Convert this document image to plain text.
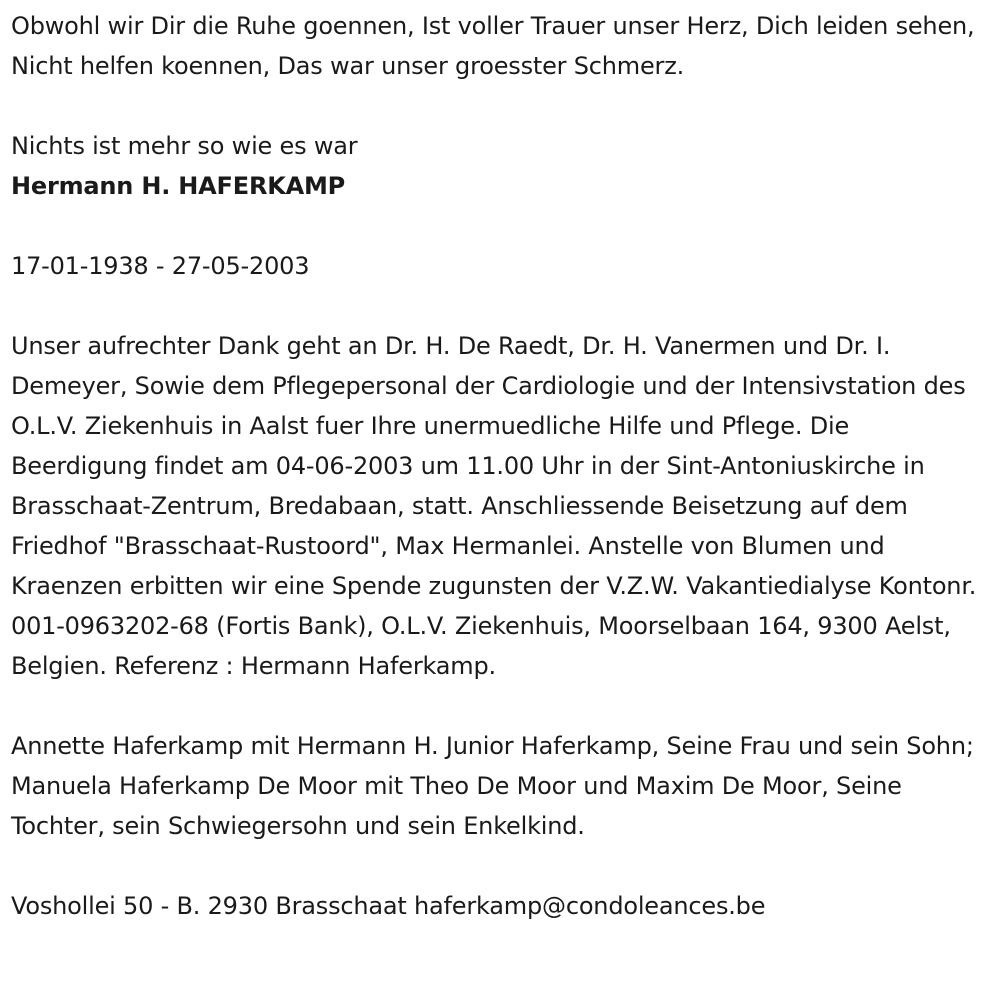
Obwohl wir Dir die Ruhe goennen, Ist voller Trauer unser Herz, Dich leiden sehen, Nicht helfen koennen, Das war unser groesster Schmerz.

Nichts ist mehr so wie es war

Hermann H. HAFERKAMP

17-01-1938 - 27-05-2003

Unser aufrechter Dank geht an Dr. H. De Raedt, Dr. H. Vanermen und Dr. I. Demeyer, Sowie dem Pflegepersonal der Cardiologie und der Intensivstation des O.L.V. Ziekenhuis in Aalst fuer Ihre unermuedliche Hilfe und Pflege. Die Beerdigung findet am 04-06-2003 um 11.00 Uhr in der Sint-Antoniuskirche in Brasschaat-Zentrum, Bredabaan, statt. Anschliessende Beisetzung auf dem Friedhof "Brasschaat-Rustoord", Max Hermanlei. Anstelle von Blumen und Kraenzen erbitten wir eine Spende zugunsten der V.Z.W. Vakantiedialyse Kontonr. 001-0963202-68 (Fortis Bank), O.L.V. Ziekenhuis, Moorselbaan 164, 9300 Aelst, Belgien. Referenz : Hermann Haferkamp.

Annette Haferkamp mit Hermann H. Junior Haferkamp, Seine Frau und sein Sohn; Manuela Haferkamp De Moor mit Theo De Moor und Maxim De Moor, Seine Tochter, sein Schwiegersohn und sein Enkelkind.

Voshollei 50 - B. 2930 Brasschaat haferkamp@condoleances.be
